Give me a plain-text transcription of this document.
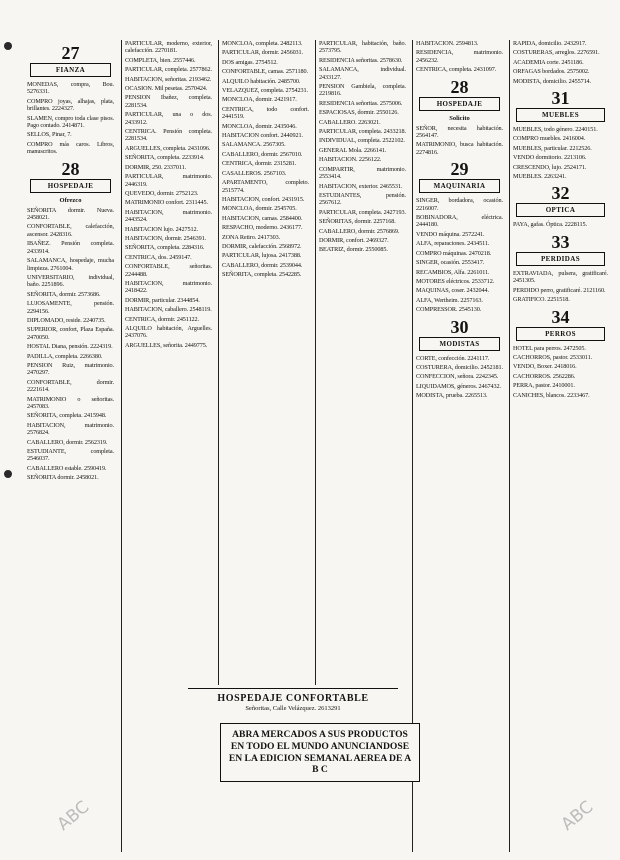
27
FIANZA

MONEDAS, compra, Bou. 5276331.

COMPRO joyas, alhajas, plata, brillantes. 2224327.

SLAMEN, compro toda clase pisos. Pago contado. 2414871.

SELLOS, Pinar, 7.

COMPRO más caros. Libros, manuscritos.

28
HOSPEDAJE
Ofrezco

SEÑORITA dormir. Nueva. 2458021.

CONFORTABLE, calefacción, ascensor. 2428316.

IBAÑEZ. Pensión completa. 2433914.

SALAMANCA, hospedaje, mucha limpieza. 2761004.

UNIVERSITARIO, individual, baño. 2251896.

SEÑORITA, dormir. 2573686.

LUJOSAMENTE, pensión. 2294156.

DIPLOMADO, reside. 2240735.

SUPERIOR, confort, Plaza España. 2470050.

HOSTAL Diana, pensión. 2224319.

PADILLA, completa. 2266380.

PENSION Ruiz, matrimonio. 2470297.

CONFORTABLE, dormir. 2221614.

MATRIMONIO o señoritas. 2457083.

SEÑORITA, completa. 2415948.

HABITACION, matrimonio. 2576824.

CABALLERO, dormir. 2562319.

ESTUDIANTE, completa. 2546037.

CABALLERO estable. 2590419.

SEÑORITA dormir. 2458021.

PARTICULAR, moderno, exterior, calefacción. 2270181.

COMPLETA, bien. 2557446.

PARTICULAR, completa. 2577862.

HABITACION, señoritas. 2193462.

OCASION. Mil pesetas. 2570424.

PENSION Ibañez, completa. 2281534.

PARTICULAR, una o dos. 2433912.

CENTRICA. Pensión completa. 2281534.

ARGUELLES, completa. 2431096.

SEÑORITA, completa. 2233914.

DORMIR, 250. 2337011.

PARTICULAR, matrimonio. 2446319.

QUEVEDO, dormir. 2752123.

MATRIMONIO confort. 2311445.

HABITACION, matrimonio. 2443524.

HABITACION lujo. 2427512.

HABITACION, dormir. 2546391.

SEÑORITA, completa. 2284316.

CENTRICA, dos. 2459147.

CONFORTABLE, señoritas. 2244488.

HABITACION, matrimonio. 2418422.

DORMIR, particular. 2344854.

HABITACION, caballero. 2548119.

CENTRICA, dormir. 2451122.

ALQUILO habitación, Arguelles. 2437076.

ARGUELLES, señorita. 2449775.

MONCLOA, completa. 2482113.

PARTICULAR, dormir. 2456031.

DOS amigas. 2754512.

CONFORTABLE, camas. 2571180.

ALQUILO habitación. 2485700.

VELAZQUEZ, completa. 2754231.

MONCLOA, dormir. 2421917.

CENTRICA, todo confort. 2441519.

MONCLOA, dormir. 2435046.

HABITACION confort. 2440921.

SALAMANCA. 2567305.

CABALLERO, dormir. 2567010.

CENTRICA, dormir. 2315281.

CASALLEROS. 2567103.

APARTAMENTO, completo. 2515774.

HABITACION, confort. 2431915.

MONCLOA, dormir. 2545705.

HABITACION, camas. 2584400.

RESPACHO, moderno. 2436177.

ZONA Retiro. 2417303.

DORMIR, calefacción. 2568972.

PARTICULAR, lujosa. 2417388.

CABALLERO, dormir. 2539044.

SEÑORITA, completa. 2542285.

PARTICULAR, habitación, baño. 2573795.

RESIDENCIA señoritas. 2578630.

SALAMANCA, individual. 2433127.

PENSION Gambiela, completa. 2219816.

RESIDENCIA señoritas. 2575006.

ESPACIOSAS, dormir. 2550126.

CABALLERO. 2263021.

PARTICULAR, completa. 2433218.

INDIVIDUAL, completa. 2522102.

GENERAL Mola. 2266141.

HABITACION. 2256122.

COMPARTIR, matrimonio. 2553414.

HABITACION, exterior. 2465531.

ESTUDIANTES, pensión. 2567612.

PARTICULAR, completa. 2427193.

SEÑORITAS, dormir. 2257168.

CABALLERO, dormir. 2576869.

DORMIR, confort. 2469327.

BEATRIZ, dormir. 2550085.

HABITACION. 2594813.

RESIDENCIA, matrimonio. 2456232.

CENTRICA, completa. 2431097.

28
HOSPEDAJE
Solicito

SEÑOR, necesita habitación. 2564147.

MATRIMONIO, busca habitación. 2274816.

29
MAQUINARIA

SINGER, bordadora, ocasión. 2216007.

BOBINADORA, eléctrica. 2444180.

VENDO máquina. 2572241.

ALFA, reparaciones. 2434511.

COMPRO máquinas. 2470218.

SINGER, ocasión. 2553417.

RECAMBIOS, Alfa. 2261011.

MOTORES eléctricos. 2533712.

MAQUINAS, coser. 2432044.

ALFA, Wertheim. 2257163.

COMPRESSOR. 2545130.

30
MODISTAS

CORTE, confección. 2241117.

COSTURERA, domicilio. 2452181.

CONFECCION, señora. 2242345.

LIQUIDAMOS, géneros. 2467432.

MODISTA, prueba. 2265513.

RAPIDA, domicilio. 2432917.

COSTURERAS, arreglos. 2276591.

ACADEMIA corte. 2451186.

ORFAGAS bordados. 2575002.

MODISTA, domicilio. 2455714.

31
MUEBLES

MUEBLES, todo género. 2240151.

COMPRO muebles. 2416004.

MUEBLES, particular. 2212526.

VENDO dormitorio. 2213106.

CRESCENDO, lujo. 2524171.

MUEBLES. 2263241.

32
OPTICA

PAYA, gafas. Óptica. 2228115.

33
PERDIDAS

EXTRAVIADA, pulsera, gratificaré. 2451305.

PERDIDO perro, gratificaré. 2121160.

GRATIFICO. 2251518.

34
PERROS

HOTEL para perros. 2472505.

CACHORROS, pastor. 2533011.

VENDO, Boxer. 2418016.

CACHORROS. 2562286.

PERRA, pastor. 2410001.

CANICHES, blancos. 2233467.

HOSPEDAJE CONFORTABLE
Señoritas, Calle Velázquez. 2613291
ABRA MERCADOS A SUS PRODUCTOS EN TODO EL MUNDO ANUNCIANDOSE EN LA EDICION SEMANAL AEREA DE A B C
ABC	ABC
